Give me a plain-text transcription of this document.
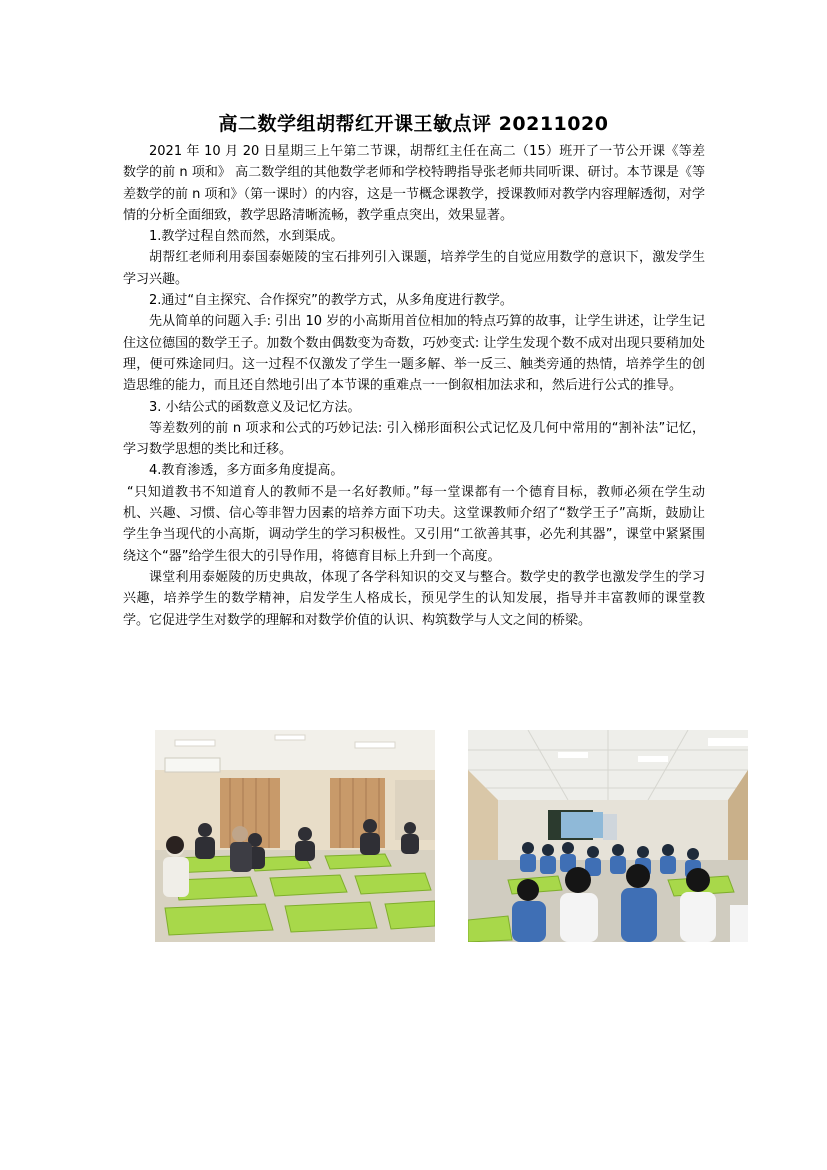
高二数学组胡帮红开课王敏点评 20211020

2021 年 10 月 20 日星期三上午第二节课，胡帮红主任在高二（15）班开了一节公开课《等差数学的前 n 项和》 高二数学组的其他数学老师和学校特聘指导张老师共同听课、研讨。本节课是《等差数学的前 n 项和》（第一课时）的内容，这是一节概念课教学，授课教师对教学内容理解透彻，对学情的分析全面细致，教学思路清晰流畅，教学重点突出，效果显著。

1.教学过程自然而然，水到渠成。

胡帮红老师利用泰国泰姬陵的宝石排列引入课题，培养学生的自觉应用数学的意识下，激发学生学习兴趣。

2.通过“自主探究、合作探究”的教学方式，从多角度进行教学。

先从简单的问题入手: 引出 10 岁的小高斯用首位相加的特点巧算的故事，让学生讲述，让学生记住这位德国的数学王子。加数个数由偶数变为奇数，巧妙变式: 让学生发现个数不成对出现只要稍加处理，便可殊途同归。这一过程不仅激发了学生一题多解、举一反三、触类旁通的热情，培养学生的创造思维的能力，而且还自然地引出了本节课的重难点一一倒叙相加法求和，然后进行公式的推导。

3. 小结公式的函数意义及记忆方法。

等差数列的前 n 项求和公式的巧妙记法: 引入梯形面积公式记忆及几何中常用的“割补法”记忆，学习数学思想的类比和迁移。

4.教育渗透，多方面多角度提高。

“只知道教书不知道育人的教师不是一名好教师。”每一堂课都有一个德育目标，教师必须在学生动机、兴趣、习惯、信心等非智力因素的培养方面下功夫。这堂课教师介绍了“数学王子”高斯，鼓励让学生争当现代的小高斯，调动学生的学习积极性。又引用“工欲善其事，必先利其器”，课堂中紧紧围绕这个“器”给学生很大的引导作用，将德育目标上升到一个高度。

课堂利用泰姬陵的历史典故，体现了各学科知识的交叉与整合。数学史的教学也激发学生的学习兴趣，培养学生的数学精神，启发学生人格成长，预见学生的认知发展，指导并丰富教师的课堂教学。它促进学生对数学的理解和对数学价值的认识、构筑数学与人文之间的桥梁。
